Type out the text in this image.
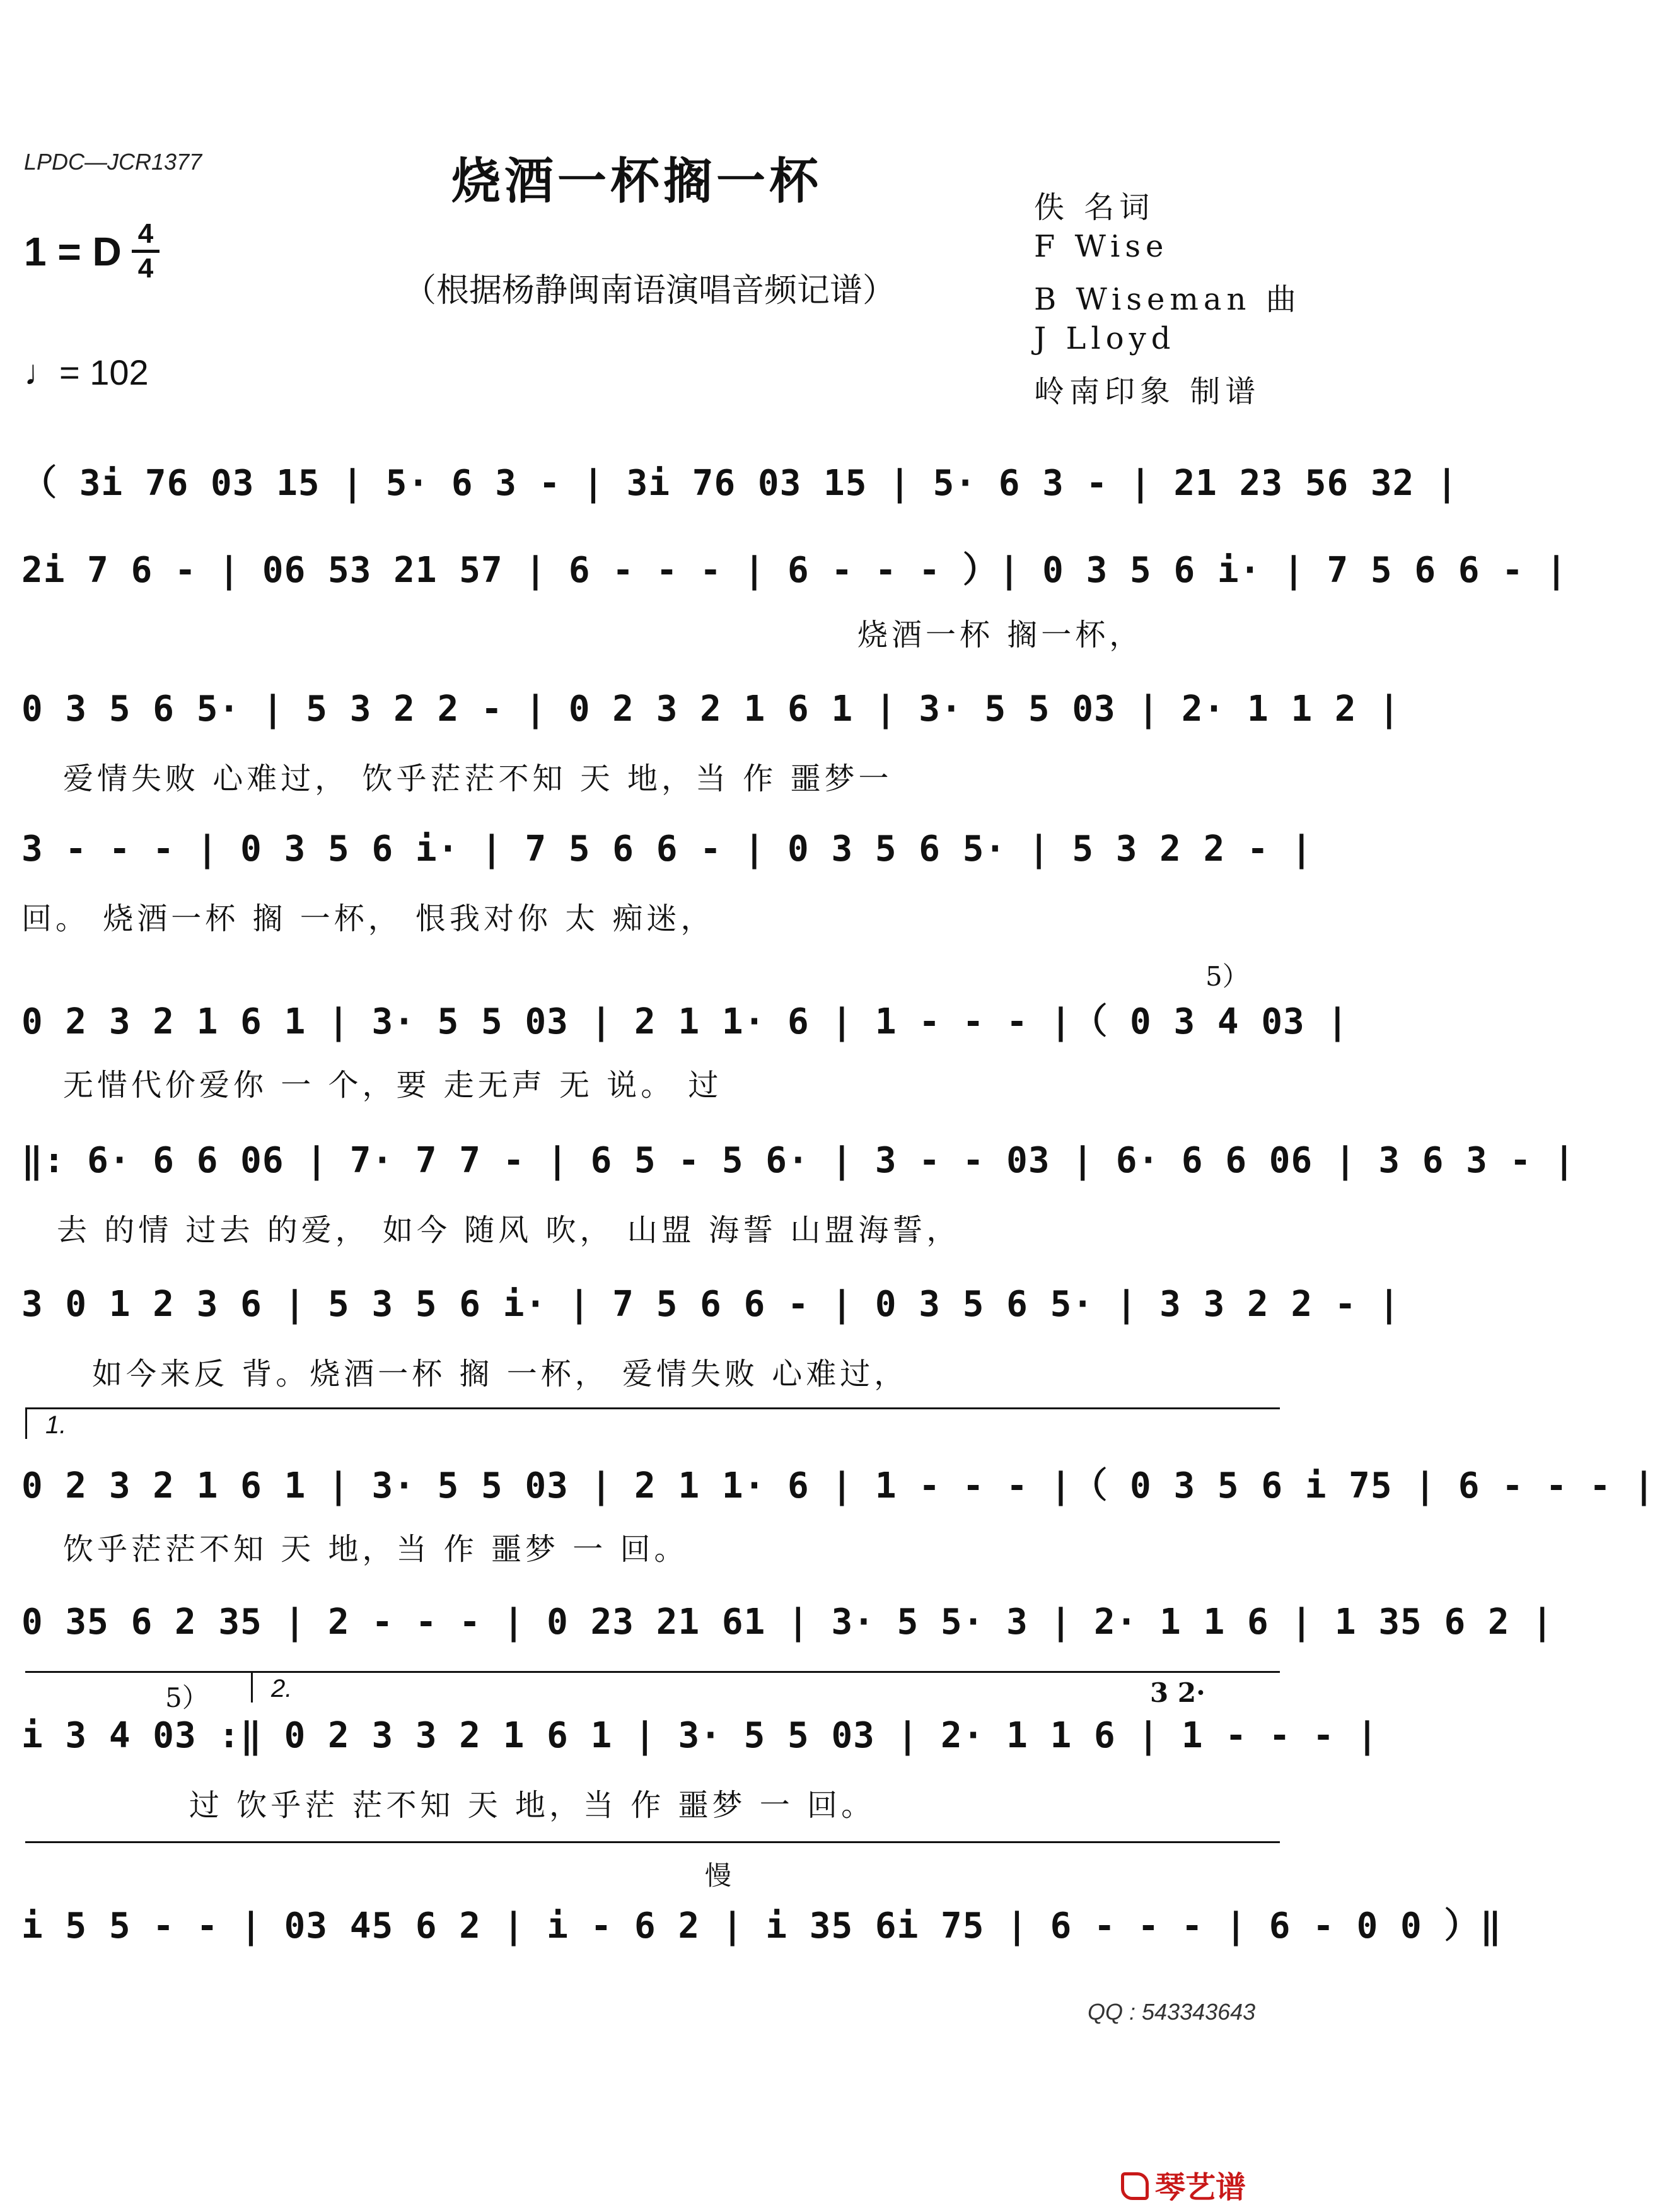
LPDC—JCR1377	烧酒一杯搁一杯
（根据杨静闽南语演唱音频记谱）
1 = D 4
4
♩= 102
佚 名词
F Wise
B Wiseman 曲
J Lloyd
岭南印象 制谱
（ 3i 76 03 15 | 5· 6 3 - | 3i 76 03 15 | 5· 6 3 - | 21 23 56 32 |
2i 7 6 - | 06 53 21 57 | 6 - - - | 6 - - - ）| 0 3 5 6 i· | 7 5 6 6 - |
烧酒一杯 搁一杯，
0 3 5 6 5· | 5 3 2 2 - | 0 2 3 2 1 6 1 | 3· 5 5 03 | 2· 1 1 2 |
爱情失败 心难过， 饮乎茫茫不知 天 地，当 作 噩梦一
3 - - - | 0 3 5 6 i· | 7 5 6 6 - | 0 3 5 6 5· | 5 3 2 2 - |
回。 烧酒一杯 搁 一杯， 恨我对你 太 痴迷，
5）
0 2 3 2 1 6 1 | 3· 5 5 03 | 2 1 1· 6 | 1 - - - |（ 0 3 4 03 |
无惜代价爱你 一 个，要 走无声 无 说。 过
‖: 6· 6 6 06 | 7· 7 7 - | 6 5 - 5 6· | 3 - - 03 | 6· 6 6 06 | 3 6 3 - |
去 的情 过去 的爱， 如今 随风 吹， 山盟 海誓 山盟海誓，
3 0 1 2 3 6 | 5 3 5 6 i· | 7 5 6 6 - | 0 3 5 6 5· | 3 3 2 2 - |
如今来反 背。烧酒一杯 搁 一杯， 爱情失败 心难过，
1.
0 2 3 2 1 6 1 | 3· 5 5 03 | 2 1 1· 6 | 1 - - - |（ 0 3 5 6 i 75 | 6 - - - |
饮乎茫茫不知 天 地，当 作 噩梦 一 回。
0 35 6 2 35 | 2 - - - | 0 23 21 61 | 3· 5 5· 3 | 2· 1 1 6 | 1 35 6 2 |
2.
5）	3 2·
i 3 4 03 :‖ 0 2 3 3 2 1 6 1 | 3· 5 5 03 | 2· 1 1 6 | 1 - - - |
过 饮乎茫 茫不知 天 地，当 作 噩梦 一 回。
慢
i 5 5 - - | 03 45 6 2 | i - 6 2 | i 35 6i 75 | 6 - - - | 6 - 0 0 ）‖
QQ : 543343643
琴艺谱
